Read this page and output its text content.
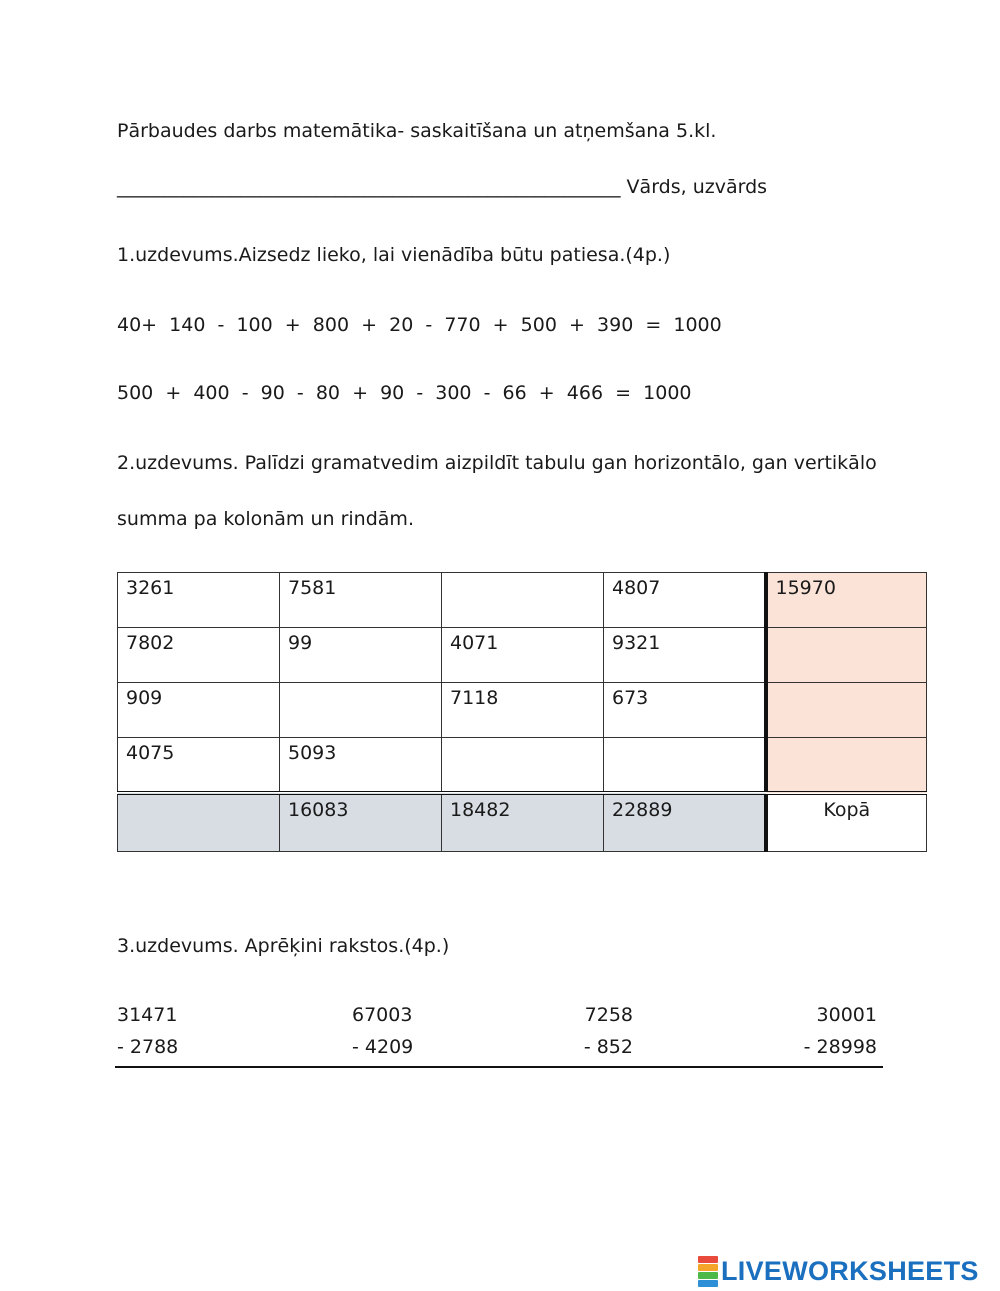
Pārbaudes darbs matemātika- saskaitīšana un atņemšana 5.kl.
_____________________________________________________ Vārds, uzvārds
1.uzdevums.Aizsedz lieko, lai vienādība būtu patiesa.(4p.)
40+  140  -  100  +  800  +  20  -  770  +  500  +  390  =  1000
500  +  400  -  90  -  80  +  90  -  300  -  66  +  466  =  1000
2.uzdevums. Palīdzi gramatvedim aizpildīt tabulu gan horizontālo, gan vertikālo
summa pa kolonām un rindām.
3261	7581		4807	15970
7802	99	4071	9321	
909		7118	673	
4075	5093			
	16083	18482	22889	Kopā
3.uzdevums. Aprēķini rakstos.(4p.)
31471
- 2788
67003
- 4209
7258
- 852
30001
- 28998
LIVEWORKSHEETS
